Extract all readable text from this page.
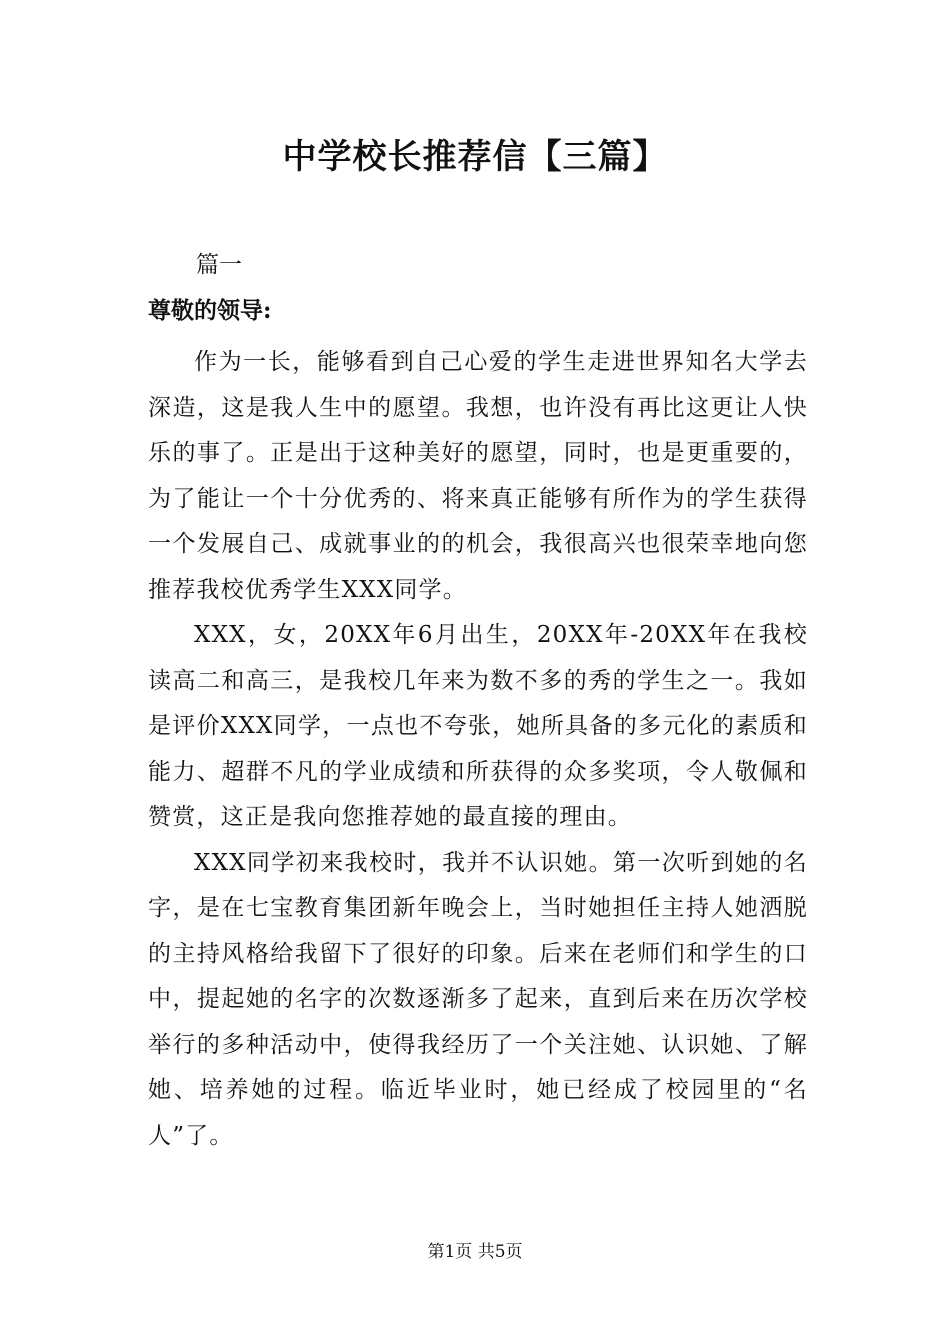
中学校长推荐信【三篇】
篇一
尊敬的领导:

作为一长，能够看到自己心爱的学生走进世界知名大学去深造，这是我人生中的愿望。我想，也许没有再比这更让人快乐的事了。正是出于这种美好的愿望，同时，也是更重要的，为了能让一个十分优秀的、将来真正能够有所作为的学生获得一个发展自己、成就事业的的机会，我很高兴也很荣幸地向您推荐我校优秀学生XXX同学。

XXX，女，20XX年6月出生，20XX年-20XX年在我校读高二和高三，是我校几年来为数不多的秀的学生之一。我如是评价XXX同学，一点也不夸张，她所具备的多元化的素质和能力、超群不凡的学业成绩和所获得的众多奖项，令人敬佩和赞赏，这正是我向您推荐她的最直接的理由。

XXX同学初来我校时，我并不认识她。第一次听到她的名字，是在七宝教育集团新年晚会上，当时她担任主持人她洒脱的主持风格给我留下了很好的印象。后来在老师们和学生的口中，提起她的名字的次数逐渐多了起来，直到后来在历次学校举行的多种活动中，使得我经历了一个关注她、认识她、了解她、培养她的过程。临近毕业时，她已经成了校园里的“名人”了。

第1页 共5页
